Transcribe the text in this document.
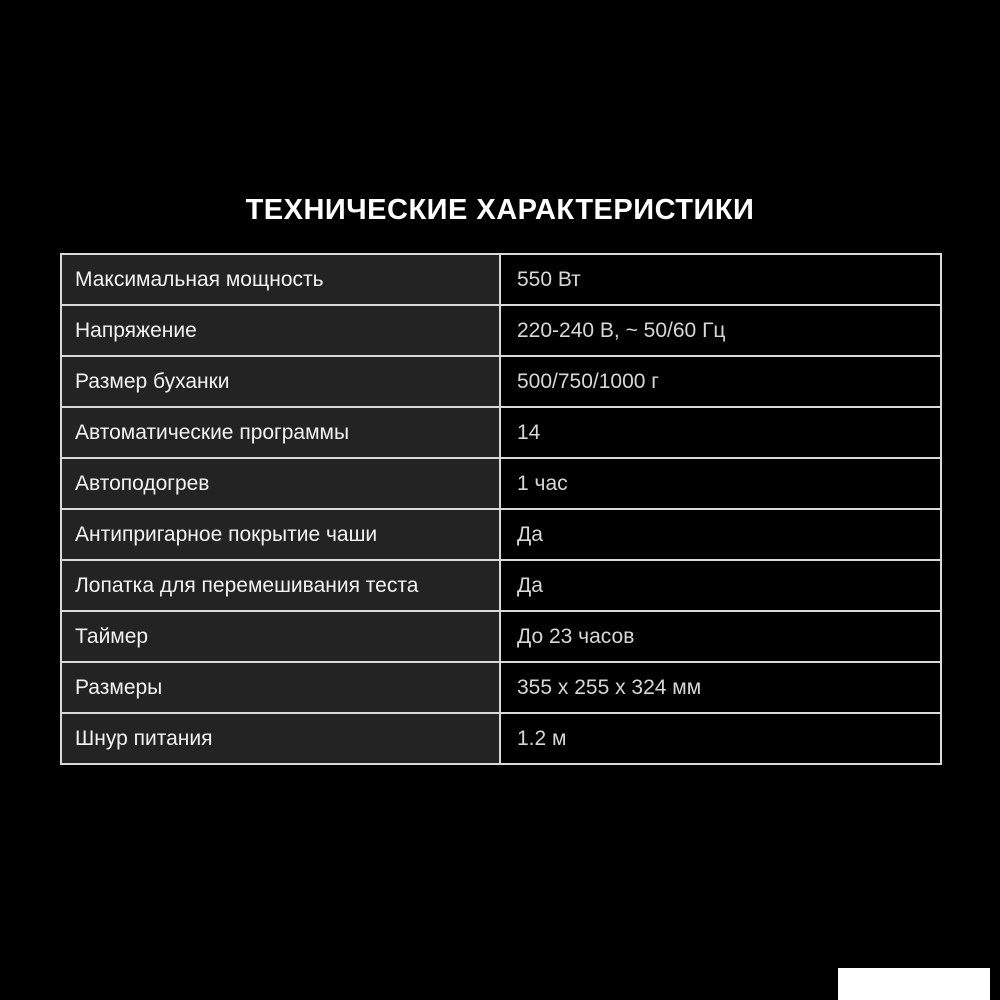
ТЕХНИЧЕСКИЕ ХАРАКТЕРИСТИКИ
Максимальная мощность	550 Вт
Напряжение	220-240 В, ~ 50/60 Гц
Размер буханки	500/750/1000 г
Автоматические программы	14
Автоподогрев	1 час
Антипригарное покрытие чаши	Да
Лопатка для перемешивания теста	Да
Таймер	До 23 часов
Размеры	355 x 255 x 324 мм
Шнур питания	1.2 м
